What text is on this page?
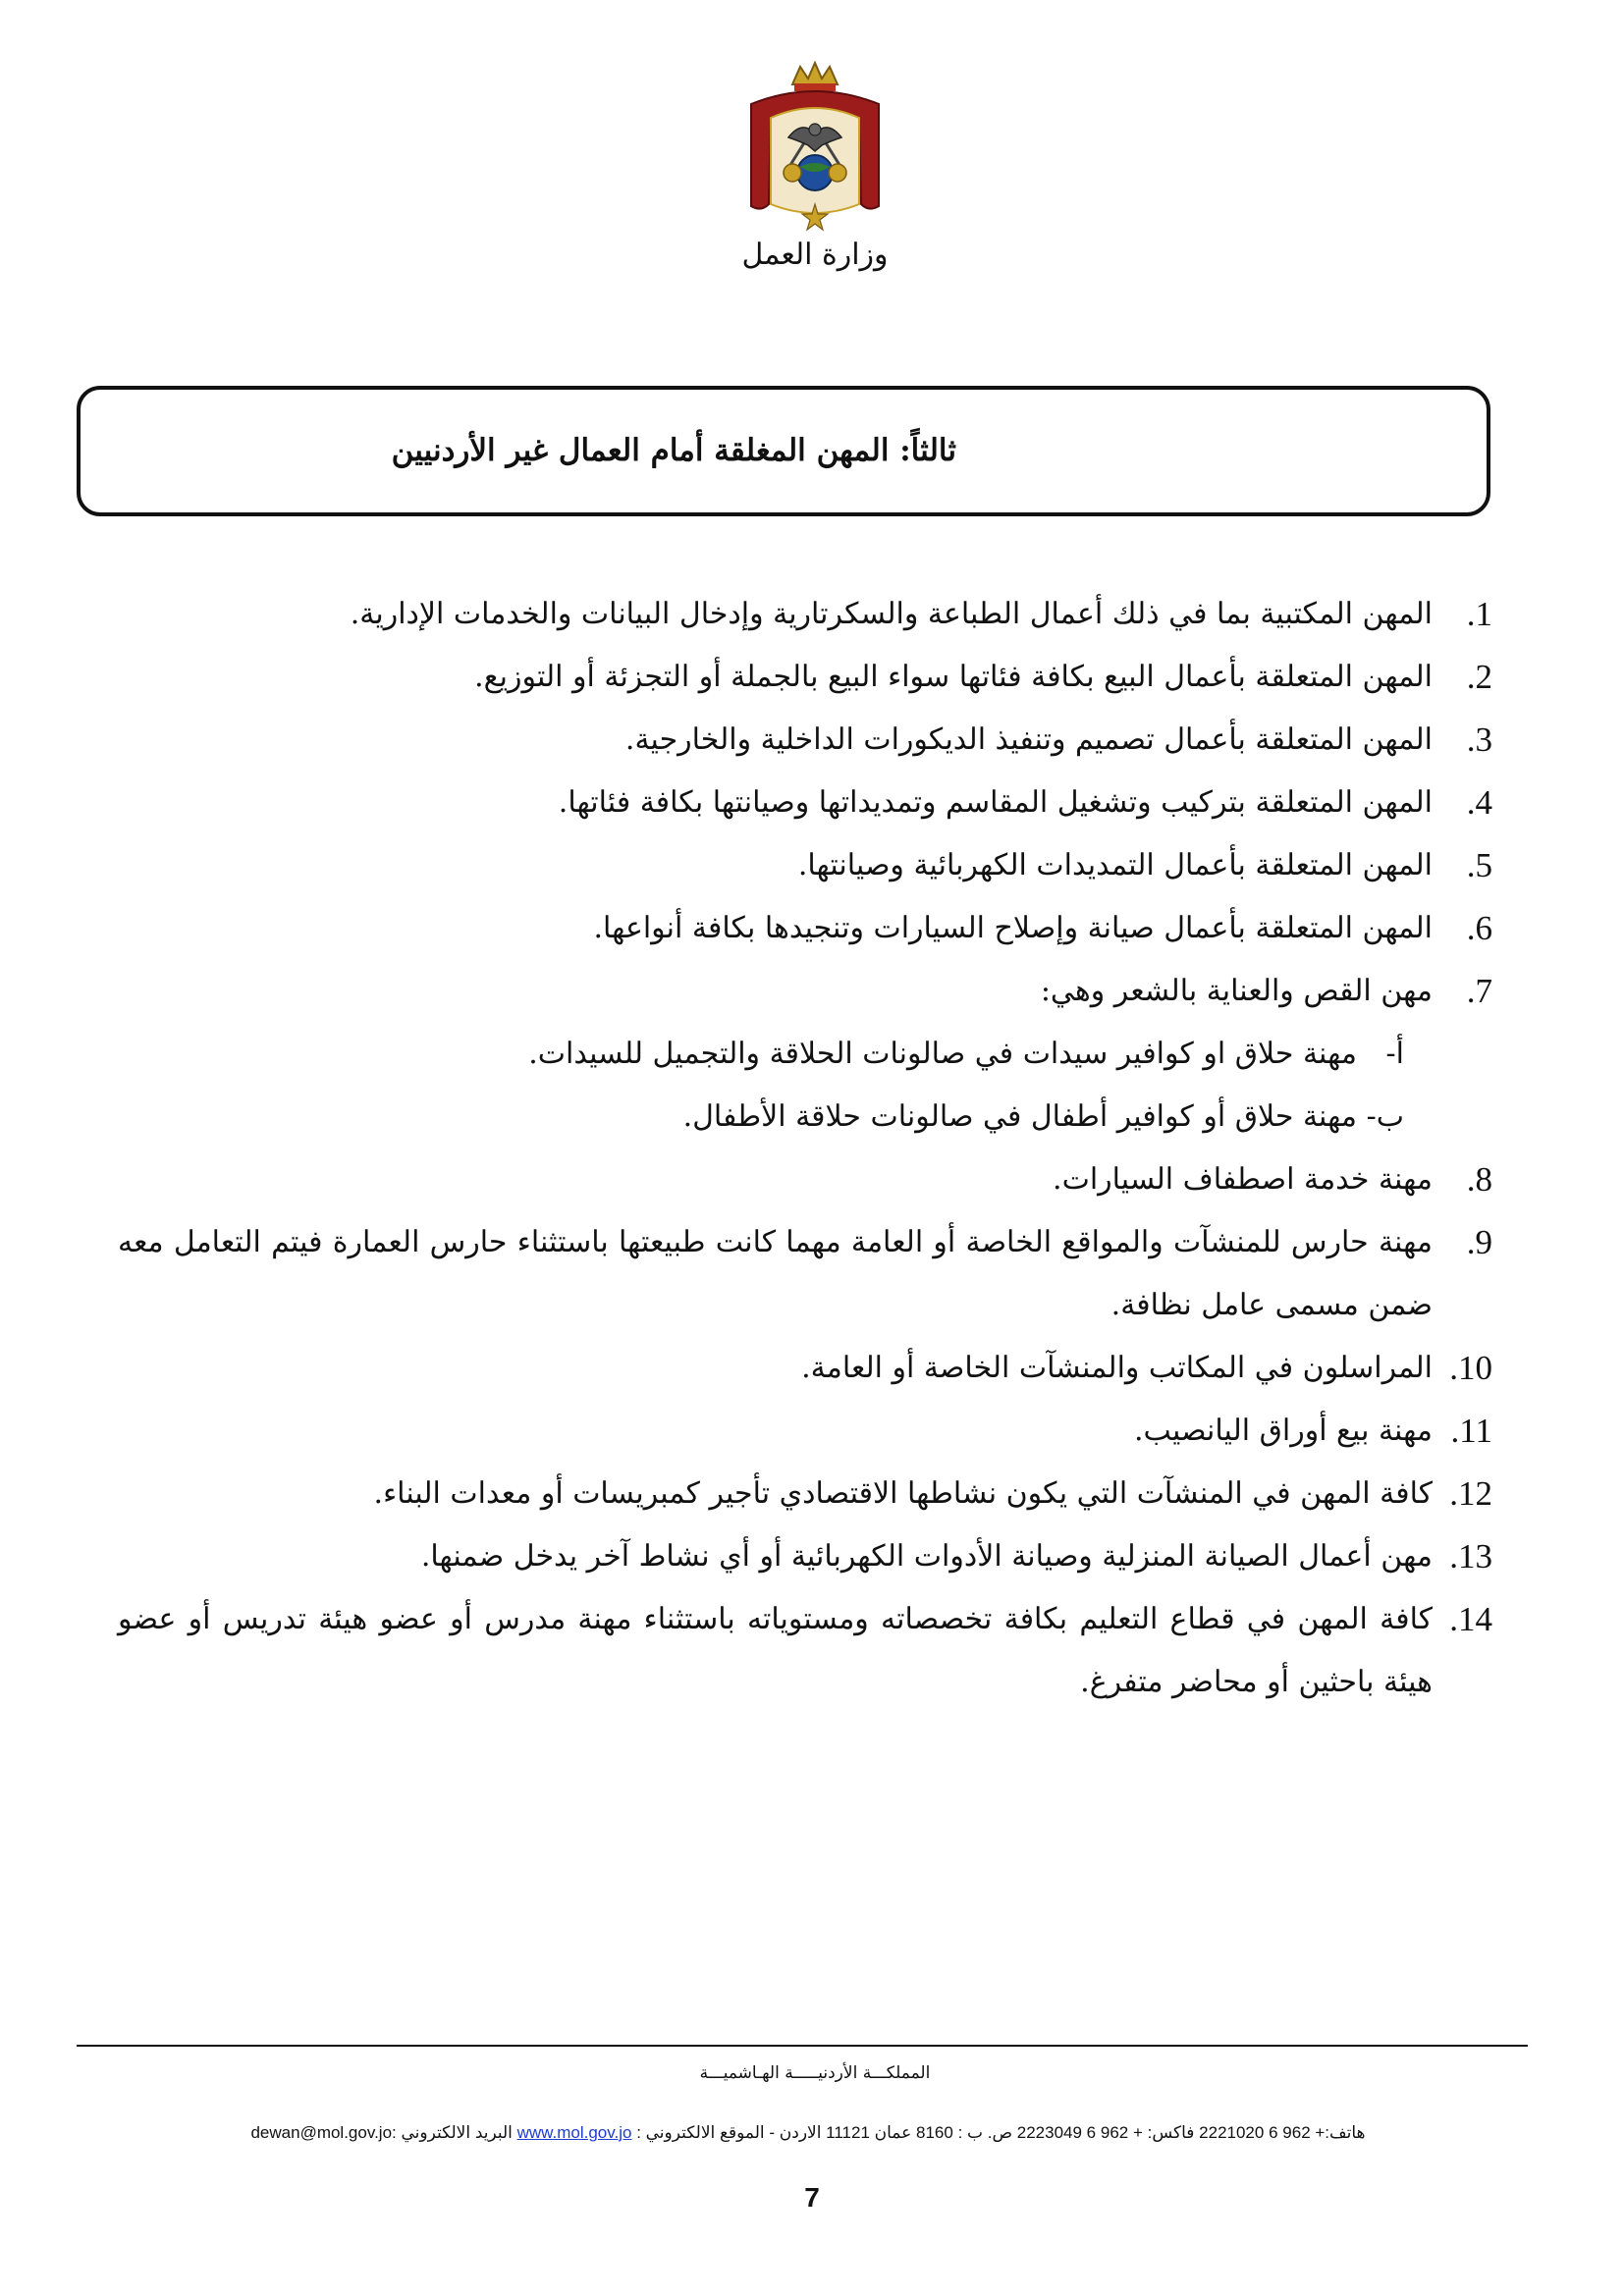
وزارة العمل
ثالثاً: المهن المغلقة أمام العمال غير الأردنيين
1.
المهن المكتبية بما في ذلك أعمال الطباعة والسكرتارية وإدخال البيانات والخدمات الإدارية.
2.
المهن المتعلقة بأعمال البيع بكافة فئاتها سواء البيع بالجملة أو التجزئة أو التوزيع.
3.
المهن المتعلقة بأعمال تصميم وتنفيذ الديكورات الداخلية والخارجية.
4.
المهن المتعلقة بتركيب وتشغيل المقاسم وتمديداتها وصيانتها بكافة فئاتها.
5.
المهن المتعلقة بأعمال التمديدات الكهربائية وصيانتها.
6.
المهن المتعلقة بأعمال صيانة وإصلاح السيارات وتنجيدها بكافة أنواعها.
7.
مهن القص والعناية بالشعر وهي:
أ-
مهنة حلاق او كوافير سيدات في صالونات الحلاقة والتجميل للسيدات.
ب-
مهنة حلاق أو كوافير أطفال في صالونات حلاقة الأطفال.
8.
مهنة خدمة اصطفاف السيارات.
9.
مهنة حارس للمنشآت والمواقع الخاصة أو العامة مهما كانت طبيعتها باستثناء حارس العمارة فيتم التعامل معه ضمن مسمى عامل نظافة.
10.
المراسلون في المكاتب والمنشآت الخاصة أو العامة.
11.
مهنة بيع أوراق اليانصيب.
12.
كافة المهن في المنشآت التي يكون نشاطها الاقتصادي تأجير كمبريسات أو معدات البناء.
13.
مهن أعمال الصيانة المنزلية وصيانة الأدوات الكهربائية أو أي نشاط آخر يدخل ضمنها.
14.
كافة المهن في قطاع التعليم بكافة تخصصاته ومستوياته باستثناء مهنة مدرس أو عضو هيئة تدريس أو عضو هيئة باحثين أو محاضر متفرغ.
المملكـــة الأردنيـــــة الهـاشميـــة
هاتف:+ 962 6 2221020 فاكس: + 962 6 2223049 ص. ب : 8160 عمان 11121 الاردن - الموقع الالكتروني : www.mol.gov.jo البريد الالكتروني :dewan@mol.gov.jo
7
